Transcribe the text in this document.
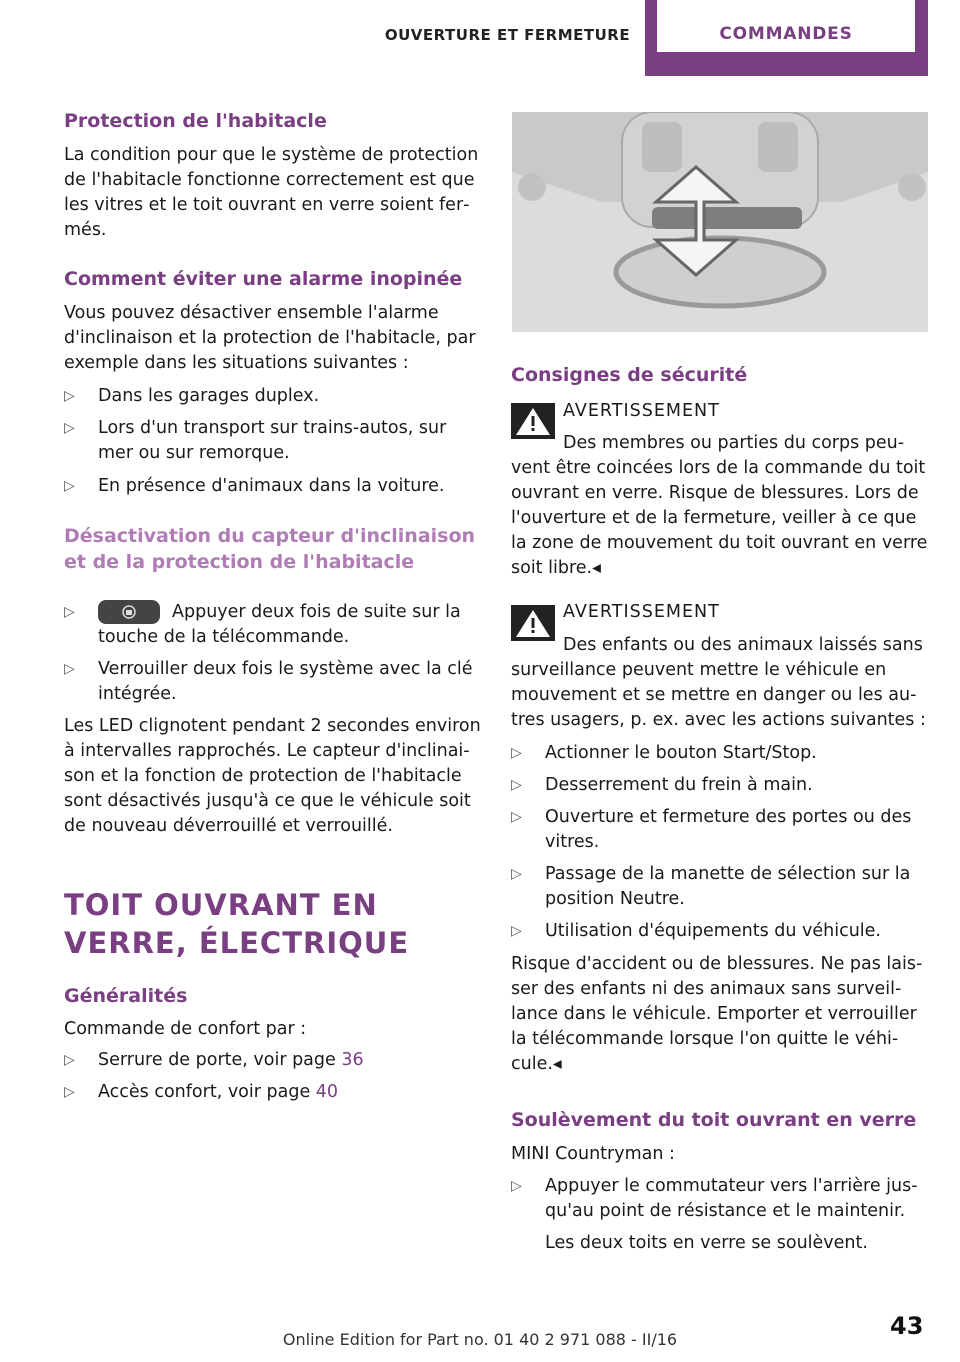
OUVERTURE ET FERMETURE	COMMANDES
Protection de l'habitacle

La condition pour que le système de protection de l'habitacle fonctionne correctement est que les vitres et le toit ouvrant en verre soient fer‐més.

Comment éviter une alarme inopinée

Vous pouvez désactiver ensemble l'alarme d'inclinaison et la protection de l'habitacle, par exemple dans les situations suivantes :

▷	Dans les garages duplex.
▷	Lors d'un transport sur trains-autos, sur mer ou sur remorque.
▷	En présence d'animaux dans la voiture.
Désactivation du capteur d'inclinaison et de la protection de l'habitacle
▷	Appuyer deux fois de suite sur la touche de la télécommande.
▷	Verrouiller deux fois le système avec la clé intégrée.

Les LED clignotent pendant 2 secondes environ à intervalles rapprochés. Le capteur d'inclinai‐son et la fonction de protection de l'habitacle sont désactivés jusqu'à ce que le véhicule soit de nouveau déverrouillé et verrouillé.

TOIT OUVRANT EN VERRE, ÉLECTRIQUE
Généralités

Commande de confort par :

▷	Serrure de porte, voir page 36
▷	Accès confort, voir page 40
Consignes de sécurité
AVERTISSEMENT

Des membres ou parties du corps peu‐

vent être coincées lors de la commande du toit ouvrant en verre. Risque de blessures. Lors de l'ouverture et de la fermeture, veiller à ce que la zone de mouvement du toit ouvrant en verre soit libre.◂

AVERTISSEMENT

Des enfants ou des animaux laissés sans

surveillance peuvent mettre le véhicule en mouvement et se mettre en danger ou les au‐tres usagers, p. ex. avec les actions suivantes :

▷	Actionner le bouton Start/Stop.
▷	Desserrement du frein à main.
▷	Ouverture et fermeture des portes ou des vitres.
▷	Passage de la manette de sélection sur la position Neutre.
▷	Utilisation d'équipements du véhicule.

Risque d'accident ou de blessures. Ne pas lais‐ser des enfants ni des animaux sans surveil‐lance dans le véhicule. Emporter et verrouiller la télécommande lorsque l'on quitte le véhi‐cule.◂

Soulèvement du toit ouvrant en verre

MINI Countryman :

▷	Appuyer le commutateur vers l'arrière jus‐qu'au point de résistance et le maintenir.

Les deux toits en verre se soulèvent.

43
Online Edition for Part no. 01 40 2 971 088 - II/16
